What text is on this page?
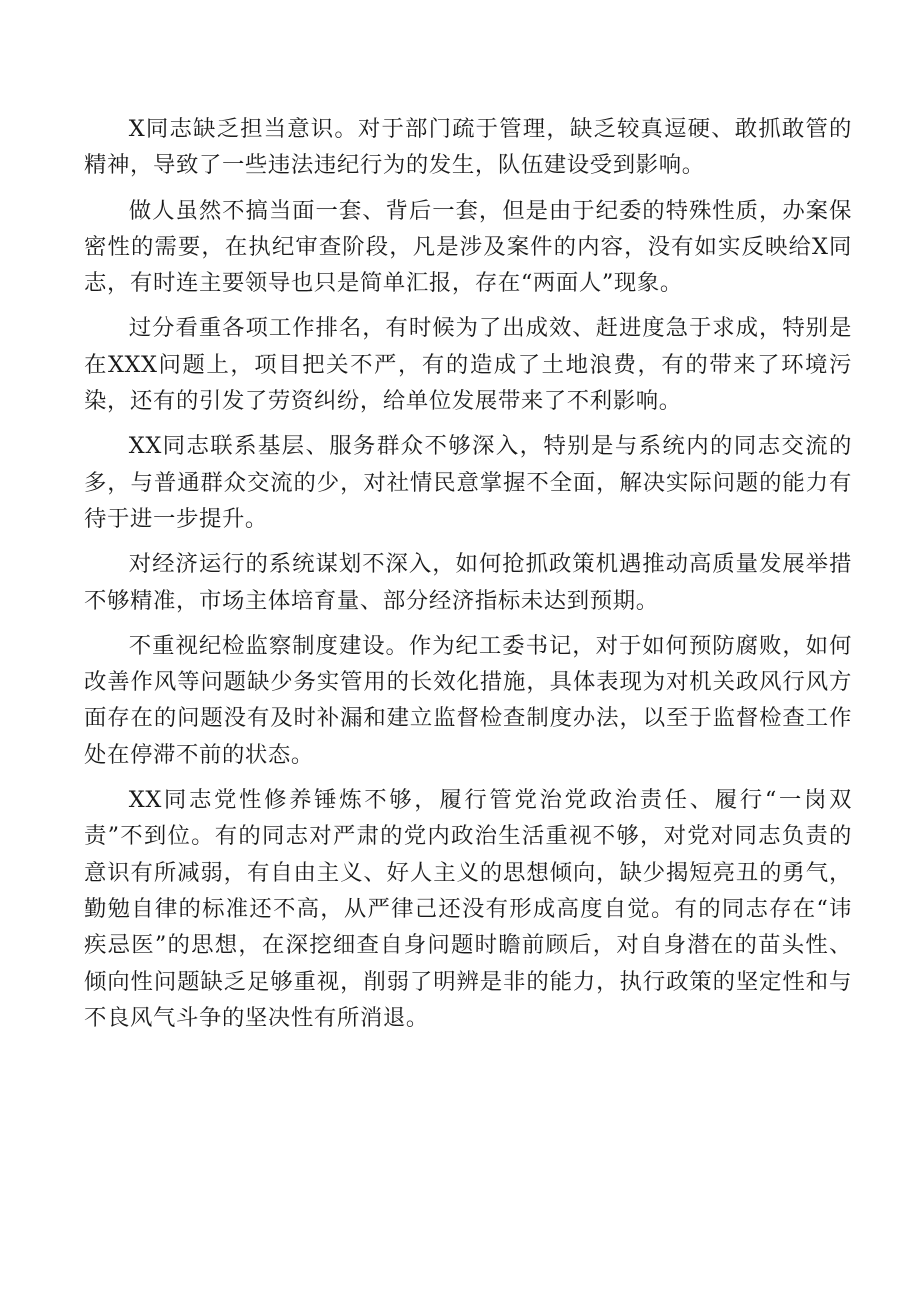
X同志缺乏担当意识。对于部门疏于管理，缺乏较真逗硬、敢抓敢管的精神，导致了一些违法违纪行为的发生，队伍建设受到影响。

做人虽然不搞当面一套、背后一套，但是由于纪委的特殊性质，办案保密性的需要，在执纪审查阶段，凡是涉及案件的内容，没有如实反映给X同志，有时连主要领导也只是简单汇报，存在“两面人”现象。

过分看重各项工作排名，有时候为了出成效、赶进度急于求成，特别是在XXX问题上，项目把关不严，有的造成了土地浪费，有的带来了环境污染，还有的引发了劳资纠纷，给单位发展带来了不利影响。

XX同志联系基层、服务群众不够深入，特别是与系统内的同志交流的多，与普通群众交流的少，对社情民意掌握不全面，解决实际问题的能力有待于进一步提升。

对经济运行的系统谋划不深入，如何抢抓政策机遇推动高质量发展举措不够精准，市场主体培育量、部分经济指标未达到预期。

不重视纪检监察制度建设。作为纪工委书记，对于如何预防腐败，如何改善作风等问题缺少务实管用的长效化措施，具体表现为对机关政风行风方面存在的问题没有及时补漏和建立监督检查制度办法，以至于监督检查工作处在停滞不前的状态。

XX同志党性修养锤炼不够，履行管党治党政治责任、履行“一岗双责”不到位。有的同志对严肃的党内政治生活重视不够，对党对同志负责的意识有所减弱，有自由主义、好人主义的思想倾向，缺少揭短亮丑的勇气，勤勉自律的标准还不高，从严律己还没有形成高度自觉。有的同志存在“讳疾忌医”的思想，在深挖细查自身问题时瞻前顾后，对自身潜在的苗头性、倾向性问题缺乏足够重视，削弱了明辨是非的能力，执行政策的坚定性和与不良风气斗争的坚决性有所消退。
